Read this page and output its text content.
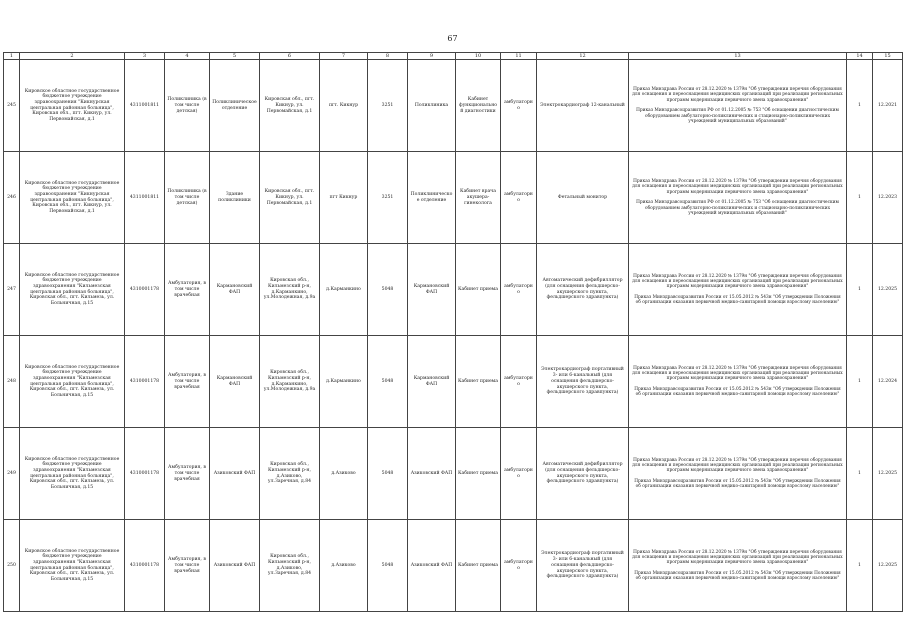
67
1	2	3	4	5	6	7	8	9	10	11	12	13	14	15
245	Кировское областное государственное бюджетное учреждение здравоохранения "Кикнурская центральная районная больница", Кировская обл., пгт. Кикнур, ул. Первомайская, д.1	4311001811	Поликлиника (в том числе детская)	Поликлиническое отделение	Кировская обл., пгт. Кикнур, ул. Первомайская, д.1	пгт. Кикнур	3251	Поликлиника	Кабинет функциональной диагностики	амбулаторно	Электрокардиограф 12-канальный	Приказ Минздрава России от 28.12.2020 № 1379н "Об утверждении перечня оборудования для оснащения и переоснащения медицинских организаций при реализации региональных программ модернизации первичного звена здравоохранения"

Приказ Минздравсоцразвития РФ от 01.12.2005 № 753 "Об оснащении диагностическим оборудованием амбулаторно-поликлинических и стационарно-поликлинических учреждений муниципальных образований"	1	12.2021
246	Кировское областное государственное бюджетное учреждение здравоохранения "Кикнурская центральная районная больница", Кировская обл., пгт. Кикнур, ул. Первомайская, д.1	4311001811	Поликлиника (в том числе детская)	Здание поликлиники	Кировская обл., пгт. Кикнур, ул. Первомайская, д.1	пгт Кикнур	3251	Поликлиническое отделение	Кабинет врача акушера-гинеколога	амбулаторно	Фетальный монитор	Приказ Минздрава России от 28.12.2020 № 1379н "Об утверждении перечня оборудования для оснащения и переоснащения медицинских организаций при реализации региональных программ модернизации первичного звена здравоохранения"

Приказ Минздравсоцразвития РФ от 01.12.2005 № 753 "Об оснащении диагностическим оборудованием амбулаторно-поликлинических и стационарно-поликлинических учреждений муниципальных образований"	1	12.2023
247	Кировское областное государственное бюджетное учреждение здравоохранения "Кильмезская центральная районная больница", Кировская обл., пгт. Кильмезь, ул. Больничная, д.15	4310001178	Амбулатория, в том числе врачебная	Кармановский ФАП	Кировская обл., Кильмезский р-н, д.Карманкино, ул.Молодежная, д.9а	д.Карманкино	5048	Кармановский ФАП	Кабинет приема	амбулаторно	Автоматический дефибриллятор (для оснащения фельдшерско-акушерского пункта, фельдшерского здравпункта)	Приказ Минздрава России от 28.12.2020 № 1379н "Об утверждении перечня оборудования для оснащения и переоснащения медицинских организаций при реализации региональных программ модернизации первичного звена здравоохранения"

Приказ Минздравсоцразвития России от 15.05.2012 № 543н "Об утверждении Положения об организации оказания первичной медико-санитарной помощи взрослому населению"	1	12.2025
248	Кировское областное государственное бюджетное учреждение здравоохранения "Кильмезская центральная районная больница", Кировская обл., пгт. Кильмезь, ул. Больничная, д.15	4310001178	Амбулатория, в том числе врачебная	Кармановский ФАП	Кировская обл., Кильмезский р-н, д.Карманкино, ул.Молодежная, д.9а	д.Карманкино	5048	Кармановский ФАП	Кабинет приема	амбулаторно	Электрокардиограф портативный 3- или 6-канальный (для оснащения фельдшерско-акушерского пункта, фельдшерского здравпункта)	Приказ Минздрава России от 28.12.2020 № 1379н "Об утверждении перечня оборудования для оснащения и переоснащения медицинских организаций при реализации региональных программ модернизации первичного звена здравоохранения"

Приказ Минздравсоцразвития России от 15.05.2012 № 543н "Об утверждении Положения об организации оказания первичной медико-санитарной помощи взрослому населению"	1	12.2024
249	Кировское областное государственное бюджетное учреждение здравоохранения "Кильмезская центральная районная больница", Кировская обл., пгт. Кильмезь, ул. Больничная, д.15	4310001178	Амбулатория, в том числе врачебная	Азиковский ФАП	Кировская обл., Кильмезский р-н, д.Азиково, ул.Заречная, д.84	д.Азиково	5048	Азиковский ФАП	Кабинет приема	амбулаторно	Автоматический дефибриллятор (для оснащения фельдшерско-акушерского пункта, фельдшерского здравпункта)	Приказ Минздрава России от 28.12.2020 № 1379н "Об утверждении перечня оборудования для оснащения и переоснащения медицинских организаций при реализации региональных программ модернизации первичного звена здравоохранения"

Приказ Минздравсоцразвития России от 15.05.2012 № 543н "Об утверждении Положения об организации оказания первичной медико-санитарной помощи взрослому населению"	1	12.2025
250	Кировское областное государственное бюджетное учреждение здравоохранения "Кильмезская центральная районная больница", Кировская обл., пгт. Кильмезь, ул. Больничная, д.15	4310001178	Амбулатория, в том числе врачебная	Азиковский ФАП	Кировская обл., Кильмезский р-н, д.Азиково, ул.Заречная, д.84	д.Азиково	5048	Азиковский ФАП	Кабинет приема	амбулаторно	Электрокардиограф портативный 3- или 6-канальный (для оснащения фельдшерско-акушерского пункта, фельдшерского здравпункта)	Приказ Минздрава России от 28.12.2020 № 1379н "Об утверждении перечня оборудования для оснащения и переоснащения медицинских организаций при реализации региональных программ модернизации первичного звена здравоохранения"

Приказ Минздравсоцразвития России от 15.05.2012 № 543н "Об утверждении Положения об организации оказания первичной медико-санитарной помощи взрослому населению"	1	12.2025
